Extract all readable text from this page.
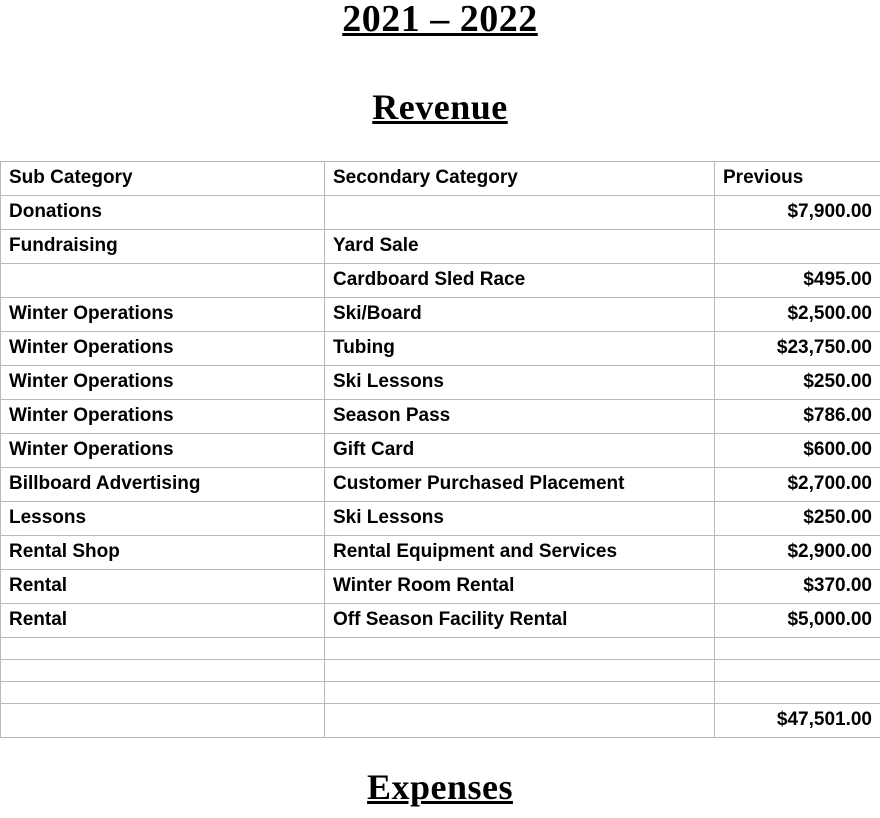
2021 – 2022
Revenue
Sub Category	Secondary Category	Previous
Donations		$7,900.00
Fundraising	Yard Sale	
	Cardboard Sled Race	$495.00
Winter Operations	Ski/Board	$2,500.00
Winter Operations	Tubing	$23,750.00
Winter Operations	Ski Lessons	$250.00
Winter Operations	Season Pass	$786.00
Winter Operations	Gift Card	$600.00
Billboard Advertising	Customer Purchased Placement	$2,700.00
Lessons	Ski Lessons	$250.00
Rental Shop	Rental Equipment and Services	$2,900.00
Rental	Winter Room Rental	$370.00
Rental	Off Season Facility Rental	$5,000.00

		$47,501.00
Expenses
